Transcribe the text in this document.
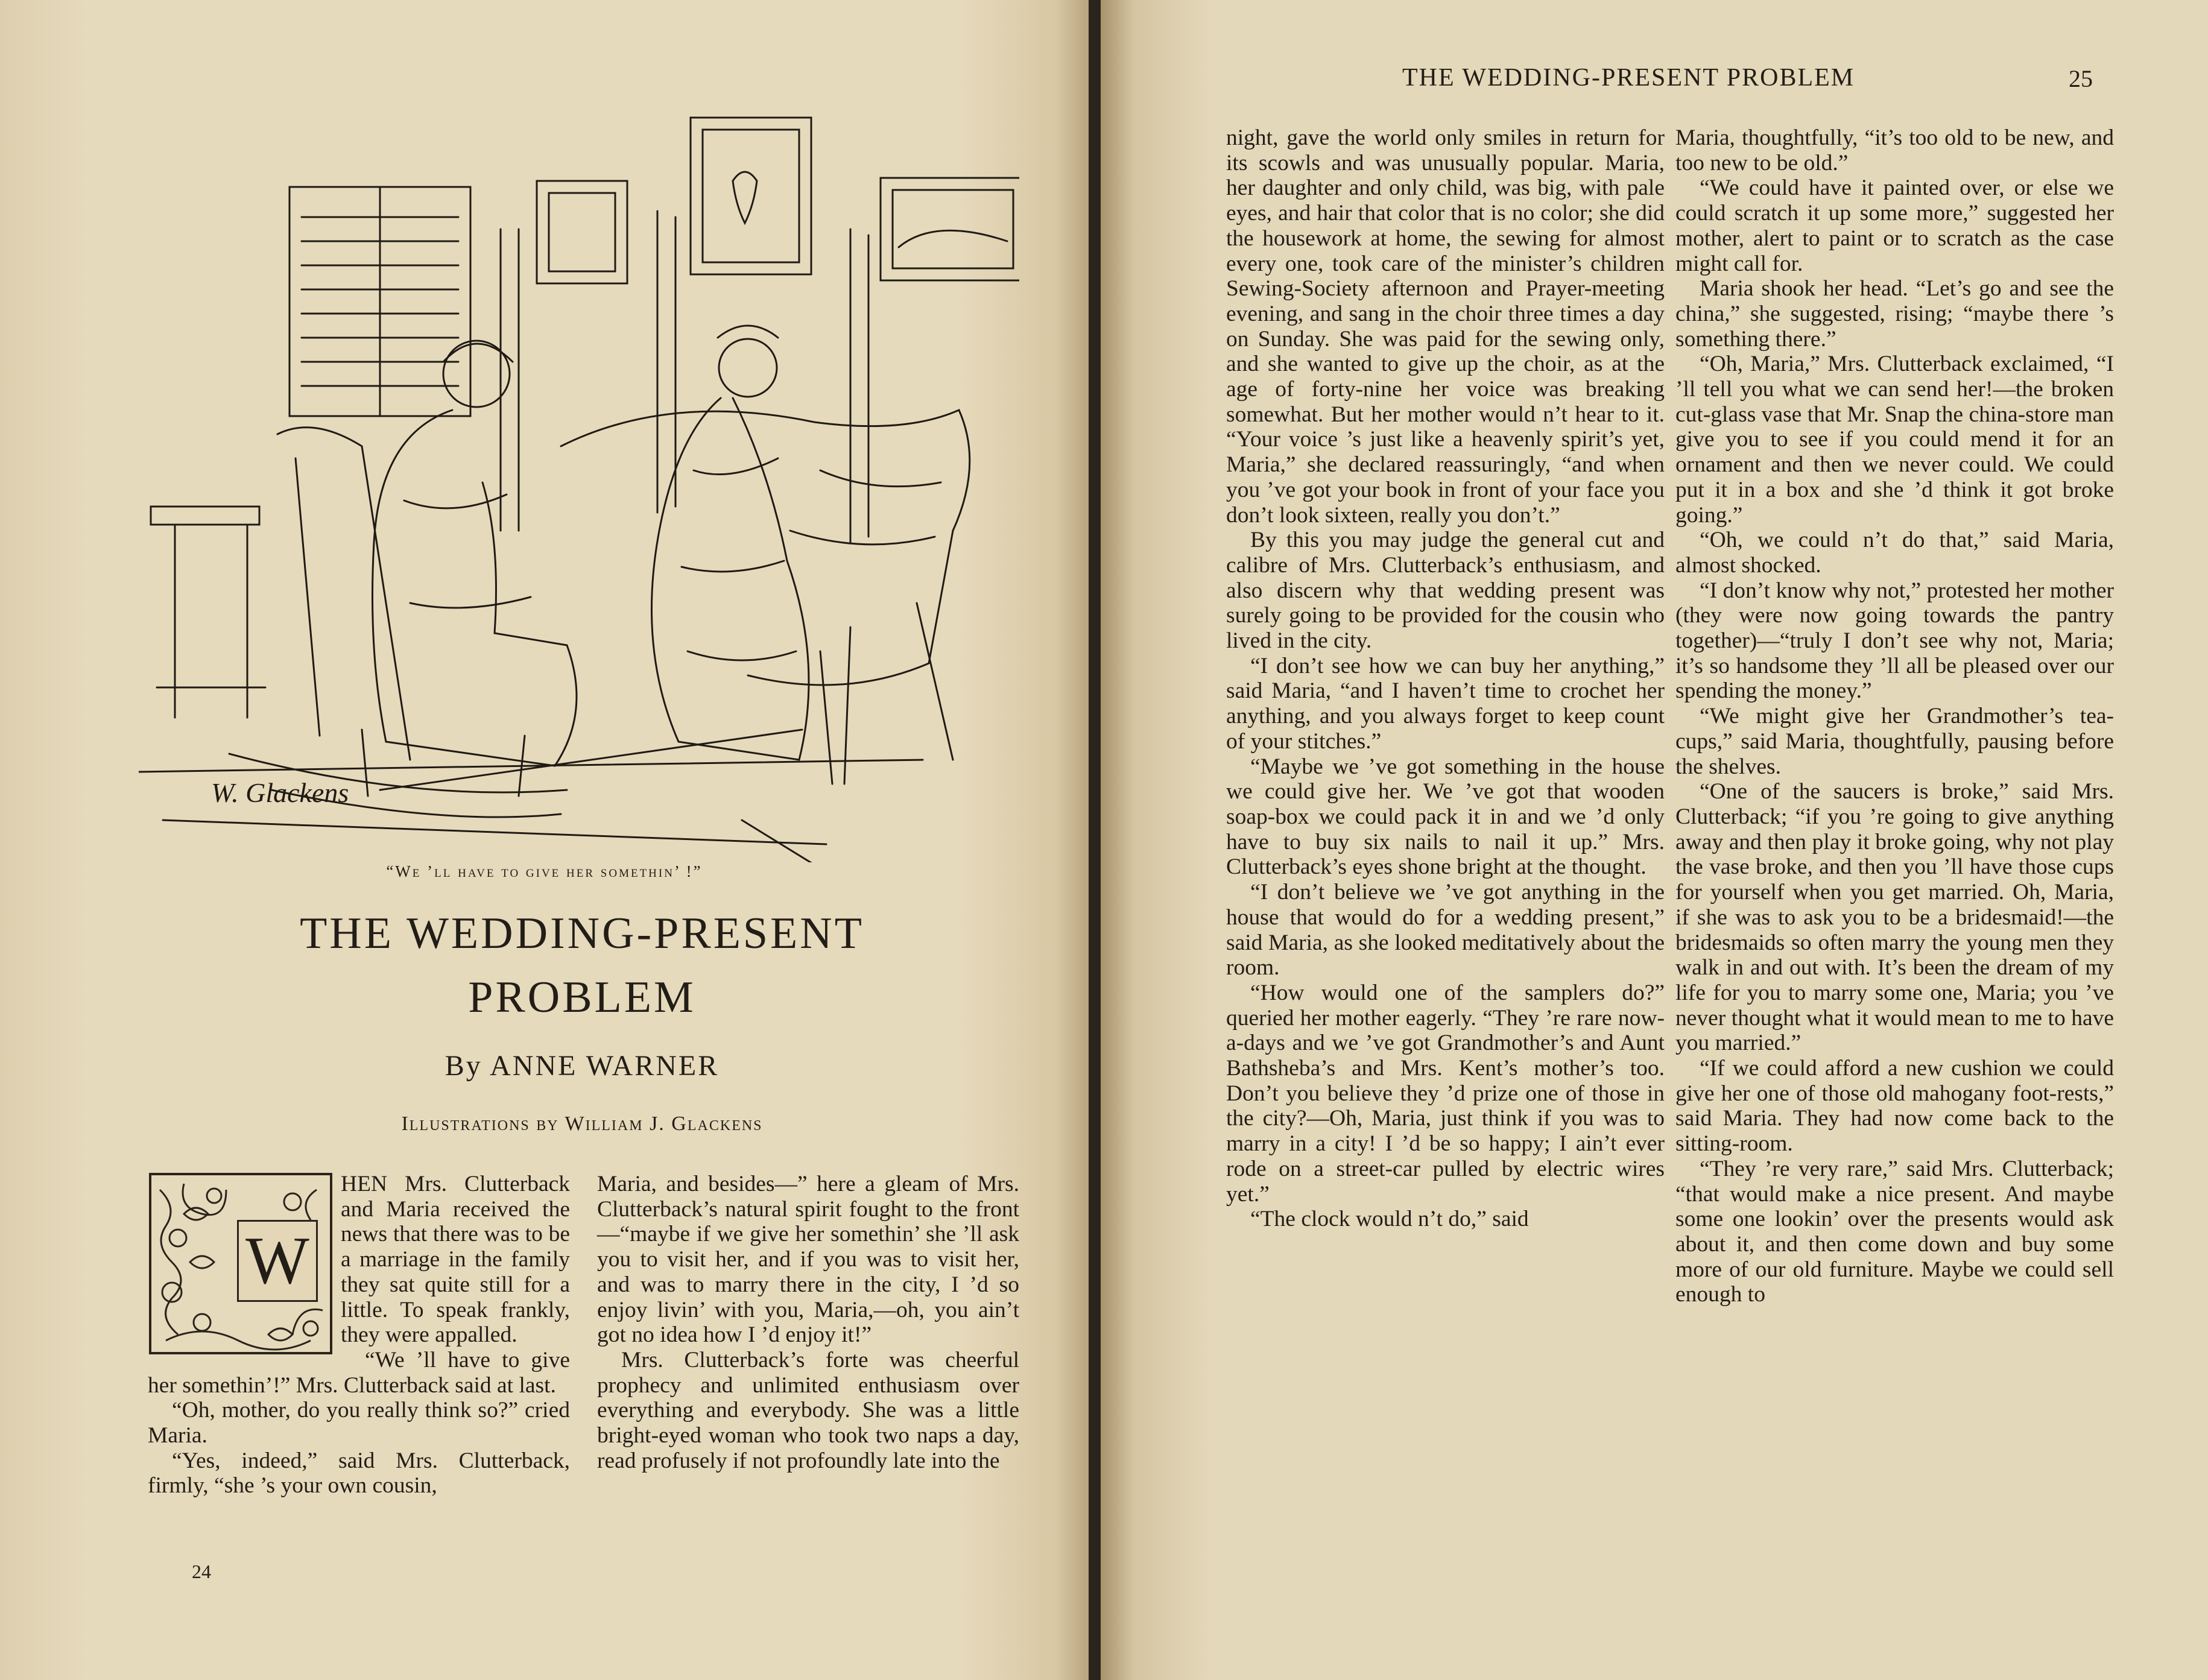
W. Glackens
“We ’ll have to give her somethin’ !”
THE WEDDING-PRESENT
PROBLEM
By ANNE WARNER
Illustrations by William J. Glackens
W

HEN Mrs. Clutterback and Maria received the news that there was to be a marriage in the family they sat quite still for a little. To speak frankly, they were appalled.

“We ’ll have to give her somethin’!” Mrs. Clutterback said at last.

“Oh, mother, do you really think so?” cried Maria.

“Yes, indeed,” said Mrs. Clutterback, firmly, “she ’s your own cousin,

Maria, and besides—” here a gleam of Mrs. Clutterback’s natural spirit fought to the front—“maybe if we give her somethin’ she ’ll ask you to visit her, and if you was to visit her, and was to marry there in the city, I ’d so enjoy livin’ with you, Maria,—oh, you ain’t got no idea how I ’d enjoy it!”

Mrs. Clutterback’s forte was cheerful prophecy and unlimited enthusiasm over everything and everybody. She was a little bright-eyed woman who took two naps a day, read profusely if not profoundly late into the

24
THE WEDDING-PRESENT PROBLEM	25

night, gave the world only smiles in return for its scowls and was unusually popular. Maria, her daughter and only child, was big, with pale eyes, and hair that color that is no color; she did the housework at home, the sewing for almost every one, took care of the minister’s children Sewing-Society afternoon and Prayer-meeting evening, and sang in the choir three times a day on Sunday. She was paid for the sewing only, and she wanted to give up the choir, as at the age of forty-nine her voice was breaking somewhat. But her mother would n’t hear to it. “Your voice ’s just like a heavenly spirit’s yet, Maria,” she declared reassuringly, “and when you ’ve got your book in front of your face you don’t look sixteen, really you don’t.”

By this you may judge the general cut and calibre of Mrs. Clutterback’s enthusiasm, and also discern why that wedding present was surely going to be provided for the cousin who lived in the city.

“I don’t see how we can buy her anything,” said Maria, “and I haven’t time to crochet her anything, and you always forget to keep count of your stitches.”

“Maybe we ’ve got something in the house we could give her. We ’ve got that wooden soap-box we could pack it in and we ’d only have to buy six nails to nail it up.” Mrs. Clutterback’s eyes shone bright at the thought.

“I don’t believe we ’ve got anything in the house that would do for a wedding present,” said Maria, as she looked meditatively about the room.

“How would one of the samplers do?” queried her mother eagerly. “They ’re rare now-a-days and we ’ve got Grandmother’s and Aunt Bathsheba’s and Mrs. Kent’s mother’s too. Don’t you believe they ’d prize one of those in the city?—Oh, Maria, just think if you was to marry in a city! I ’d be so happy; I ain’t ever rode on a street-car pulled by electric wires yet.”

“The clock would n’t do,” said

Maria, thoughtfully, “it’s too old to be new, and too new to be old.”

“We could have it painted over, or else we could scratch it up some more,” suggested her mother, alert to paint or to scratch as the case might call for.

Maria shook her head. “Let’s go and see the china,” she suggested, rising; “maybe there ’s something there.”

“Oh, Maria,” Mrs. Clutterback exclaimed, “I ’ll tell you what we can send her!—the broken cut-glass vase that Mr. Snap the china-store man give you to see if you could mend it for an ornament and then we never could. We could put it in a box and she ’d think it got broke going.”

“Oh, we could n’t do that,” said Maria, almost shocked.

“I don’t know why not,” protested her mother (they were now going towards the pantry together)—“truly I don’t see why not, Maria; it’s so handsome they ’ll all be pleased over our spending the money.”

“We might give her Grandmother’s tea-cups,” said Maria, thoughtfully, pausing before the shelves.

“One of the saucers is broke,” said Mrs. Clutterback; “if you ’re going to give anything away and then play it broke going, why not play the vase broke, and then you ’ll have those cups for yourself when you get married. Oh, Maria, if she was to ask you to be a bridesmaid!—the bridesmaids so often marry the young men they walk in and out with. It’s been the dream of my life for you to marry some one, Maria; you ’ve never thought what it would mean to me to have you married.”

“If we could afford a new cushion we could give her one of those old mahogany foot-rests,” said Maria. They had now come back to the sitting-room.

“They ’re very rare,” said Mrs. Clutterback; “that would make a nice present. And maybe some one lookin’ over the presents would ask about it, and then come down and buy some more of our old furniture. Maybe we could sell enough to
